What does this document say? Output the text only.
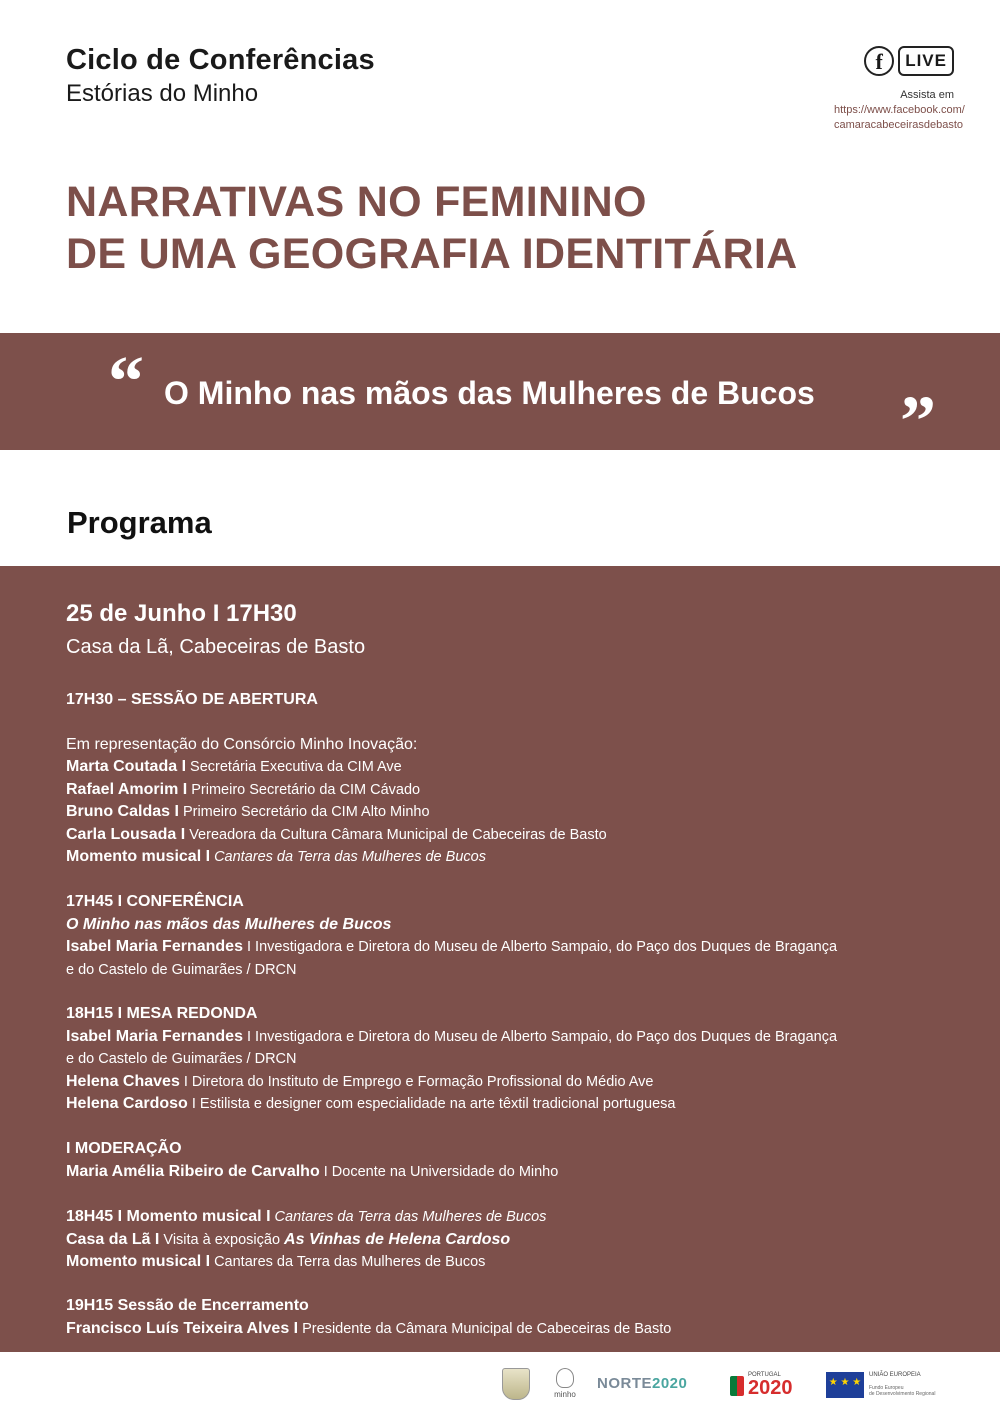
Ciclo de Conferências
Estórias do Minho
f	LIVE
Assista em
https://www.facebook.com/
camaracabeceirasdebasto
NARRATIVAS NO FEMININO
DE UMA GEOGRAFIA IDENTITÁRIA
“ O Minho nas mãos das Mulheres de Bucos ”
Programa
25 de Junho I 17H30
Casa da Lã, Cabeceiras de Basto
17H30 – SESSÃO DE ABERTURA
Em representação do Consórcio Minho Inovação:
Marta Coutada I Secretária Executiva da CIM Ave
Rafael Amorim I Primeiro Secretário da CIM Cávado
Bruno Caldas I Primeiro Secretário da CIM Alto Minho
Carla Lousada I Vereadora da Cultura Câmara Municipal de Cabeceiras de Basto
Momento musical I Cantares da Terra das Mulheres de Bucos
17H45 I CONFERÊNCIA
O Minho nas mãos das Mulheres de Bucos
Isabel Maria Fernandes I Investigadora e Diretora do Museu de Alberto Sampaio, do Paço dos Duques de Bragança
e do Castelo de Guimarães / DRCN
18H15 I MESA REDONDA
Isabel Maria Fernandes I Investigadora e Diretora do Museu de Alberto Sampaio, do Paço dos Duques de Bragança
e do Castelo de Guimarães / DRCN
Helena Chaves I Diretora do Instituto de Emprego e Formação Profissional do Médio Ave
Helena Cardoso I Estilista e designer com especialidade na arte têxtil tradicional portuguesa
I MODERAÇÃO
Maria Amélia Ribeiro de Carvalho I Docente na Universidade do Minho
18H45 I Momento musical I Cantares da Terra das Mulheres de Bucos
Casa da Lã I Visita à exposição As Vinhas de Helena Cardoso
Momento musical I Cantares da Terra das Mulheres de Bucos
19H15 Sessão de Encerramento
Francisco Luís Teixeira Alves I Presidente da Câmara Municipal de Cabeceiras de Basto
minho
NORTE2020	PORTUGAL
2020	★ ★ ★
UNIÃO EUROPEIA
Fundo Europeu
de Desenvolvimento Regional
